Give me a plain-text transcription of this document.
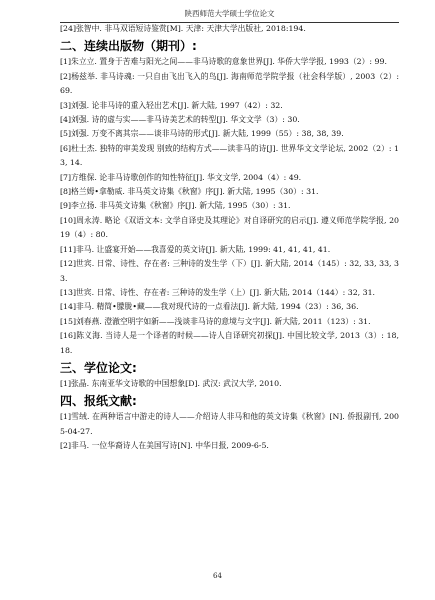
陕西师范大学硕士学位论文

[24]张智中. 非马双语短诗鉴赏[M]. 天津: 天津大学出版社, 2018:194.

二、连续出版物（期刊）:

[1]朱立立. 置身于苦难与阳光之间——非马诗歌的意象世界[J]. 华侨大学学报, 1993（2）: 99.

[2]杨兹举. 非马诗魂: 一只自由飞出飞入的鸟[J]. 海南师范学院学报（社会科学版）, 2003（2）: 69.

[3]刘强. 论非马诗的重入轻出艺术[J]. 新大陆, 1997（42）: 32.

[4]刘强. 诗的虚与实——非马诗美艺术的转型[J]. 华文文学（3）: 30.

[5]刘强. 万变不离其宗——谈非马诗的形式[J]. 新大陆, 1999（55）: 38, 38, 39.

[6]杜士杰. 独特的审美发现 别致的结构方式——读非马的诗[J]. 世界华文文学论坛, 2002（2）: 13, 14.

[7]方维保. 论非马诗歌创作的知性特征[J]. 华文文学, 2004（4）: 49.

[8]格兰姆•拿勒威. 非马英文诗集《秋窗》序[J]. 新大陆, 1995（30）: 31.

[9]李立扬. 非马英文诗集《秋窗》序[J]. 新大陆, 1995（30）: 31.

[10]周永涛. 略论《双语文本: 文学自译史及其理论》对自译研究的启示[J]. 遵义师范学院学报, 2019（4）: 80.

[11]非马. 让盛宴开始——我喜爱的英文诗[J]. 新大陆, 1999: 41, 41, 41, 41.

[12]世宾. 日常、诗性、存在者: 三种诗的发生学（下）[J]. 新大陆, 2014（145）: 32, 33, 33, 33.

[13]世宾. 日常、诗性、存在者: 三种诗的发生学（上）[J]. 新大陆, 2014（144）: 32, 31.

[14]非马. 精简•朦胧•藏——我对现代诗的一点看法[J]. 新大陆, 1994（23）: 36, 36.

[15]刘春燕. 澄澈空明字如新——浅谈非马诗的意境与文字[J]. 新大陆, 2011（123）: 31.

[16]陈义海. 当诗人是一个译者的时候——诗人自译研究初探[J]. 中国比较文学, 2013（3）: 18, 18.

三、学位论文:

[1]张晶. 东南亚华文诗歌的中国想象[D]. 武汉: 武汉大学, 2010.

四、报纸文献:

[1]雪绒. 在两种语言中游走的诗人——介绍诗人非马和他的英文诗集《秋窗》[N]. 侨报副刊, 2005-04-27.

[2]非马. 一位华裔诗人在美国写诗[N]. 中华日报, 2009-6-5.

64
